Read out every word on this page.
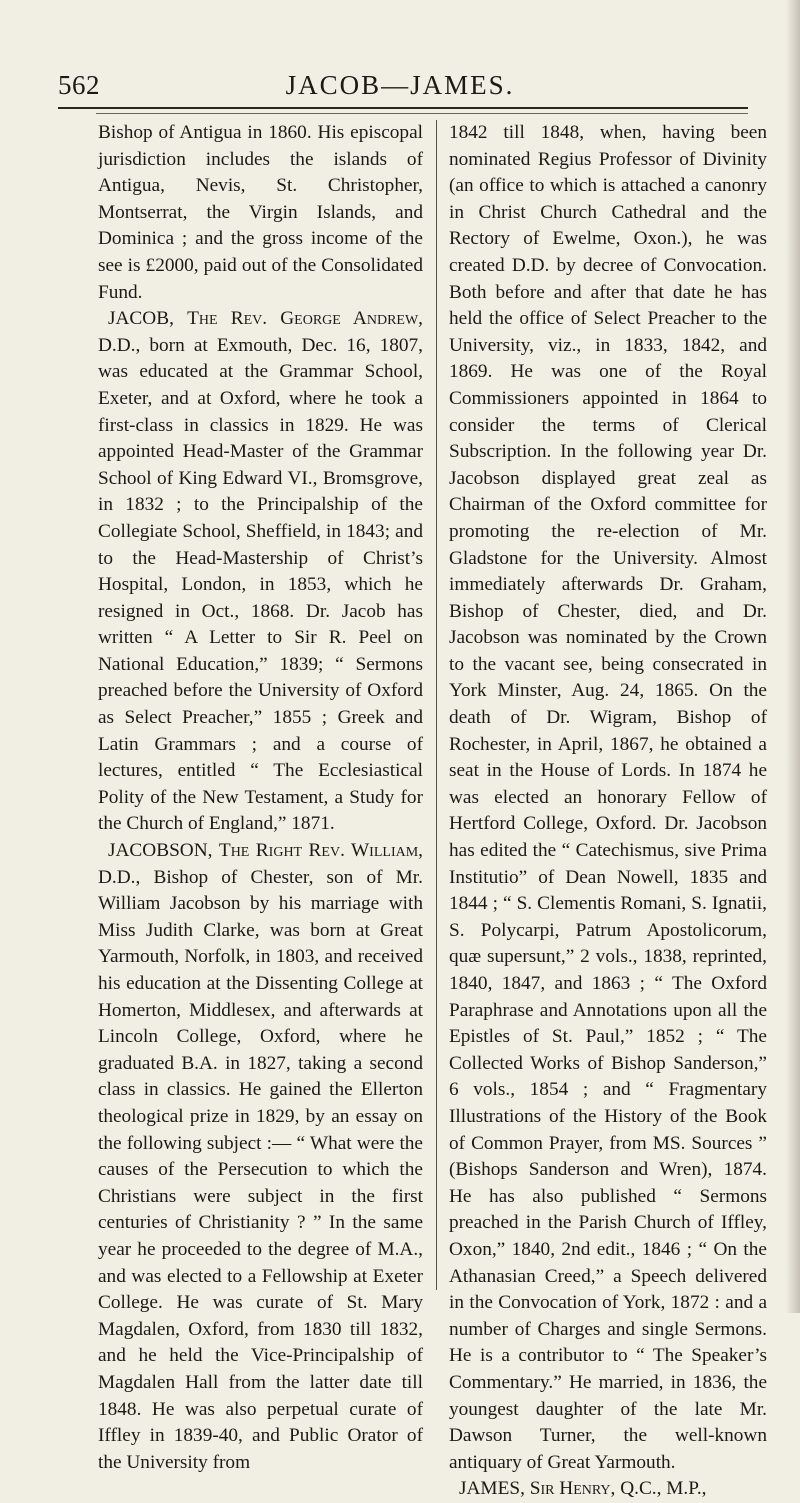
562	JACOB—JAMES.

Bishop of Antigua in 1860. His episcopal jurisdiction includes the islands of Antigua, Nevis, St. Christopher, Montserrat, the Virgin Islands, and Dominica ; and the gross income of the see is £2000, paid out of the Consolidated Fund.

JACOB, The Rev. George Andrew, D.D., born at Exmouth, Dec. 16, 1807, was educated at the Grammar School, Exeter, and at Oxford, where he took a first-class in classics in 1829. He was appointed Head-Master of the Grammar School of King Edward VI., Bromsgrove, in 1832 ; to the Principalship of the Collegiate School, Sheffield, in 1843; and to the Head-Mastership of Christ’s Hospital, London, in 1853, which he resigned in Oct., 1868. Dr. Jacob has written “ A Letter to Sir R. Peel on National Education,” 1839; “ Sermons preached before the University of Oxford as Select Preacher,” 1855 ; Greek and Latin Grammars ; and a course of lectures, entitled “ The Ecclesiastical Polity of the New Testament, a Study for the Church of England,” 1871.

JACOBSON, The Right Rev. William, D.D., Bishop of Chester, son of Mr. William Jacobson by his marriage with Miss Judith Clarke, was born at Great Yarmouth, Norfolk, in 1803, and received his education at the Dissenting College at Homerton, Middlesex, and afterwards at Lincoln College, Oxford, where he graduated B.A. in 1827, taking a second class in classics. He gained the Ellerton theological prize in 1829, by an essay on the following subject :— “ What were the causes of the Persecution to which the Christians were subject in the first centuries of Christianity ? ” In the same year he proceeded to the degree of M.A., and was elected to a Fellowship at Exeter College. He was curate of St. Mary Magdalen, Oxford, from 1830 till 1832, and he held the Vice-Principalship of Magdalen Hall from the latter date till 1848. He was also perpetual curate of Iffley in 1839-40, and Public Orator of the University from

1842 till 1848, when, having been nominated Regius Professor of Divinity (an office to which is attached a canonry in Christ Church Cathedral and the Rectory of Ewelme, Oxon.), he was created D.D. by decree of Convocation. Both before and after that date he has held the office of Select Preacher to the University, viz., in 1833, 1842, and 1869. He was one of the Royal Commissioners appointed in 1864 to consider the terms of Clerical Subscription. In the following year Dr. Jacobson displayed great zeal as Chairman of the Oxford committee for promoting the re-election of Mr. Gladstone for the University. Almost immediately afterwards Dr. Graham, Bishop of Chester, died, and Dr. Jacobson was nominated by the Crown to the vacant see, being consecrated in York Minster, Aug. 24, 1865. On the death of Dr. Wigram, Bishop of Rochester, in April, 1867, he obtained a seat in the House of Lords. In 1874 he was elected an honorary Fellow of Hertford College, Oxford. Dr. Jacobson has edited the “ Catechismus, sive Prima Institutio” of Dean Nowell, 1835 and 1844 ; “ S. Clementis Romani, S. Ignatii, S. Polycarpi, Patrum Apostolicorum, quæ supersunt,” 2 vols., 1838, reprinted, 1840, 1847, and 1863 ; “ The Oxford Paraphrase and Annotations upon all the Epistles of St. Paul,” 1852 ; “ The Collected Works of Bishop Sanderson,” 6 vols., 1854 ; and “ Fragmentary Illustrations of the History of the Book of Common Prayer, from MS. Sources ” (Bishops Sanderson and Wren), 1874. He has also published “ Sermons preached in the Parish Church of Iffley, Oxon,” 1840, 2nd edit., 1846 ; “ On the Athanasian Creed,” a Speech delivered in the Convocation of York, 1872 : and a number of Charges and single Sermons. He is a contributor to “ The Speaker’s Commentary.” He married, in 1836, the youngest daughter of the late Mr. Dawson Turner, the well-known antiquary of Great Yarmouth.

JAMES, Sir Henry, Q.C., M.P.,
